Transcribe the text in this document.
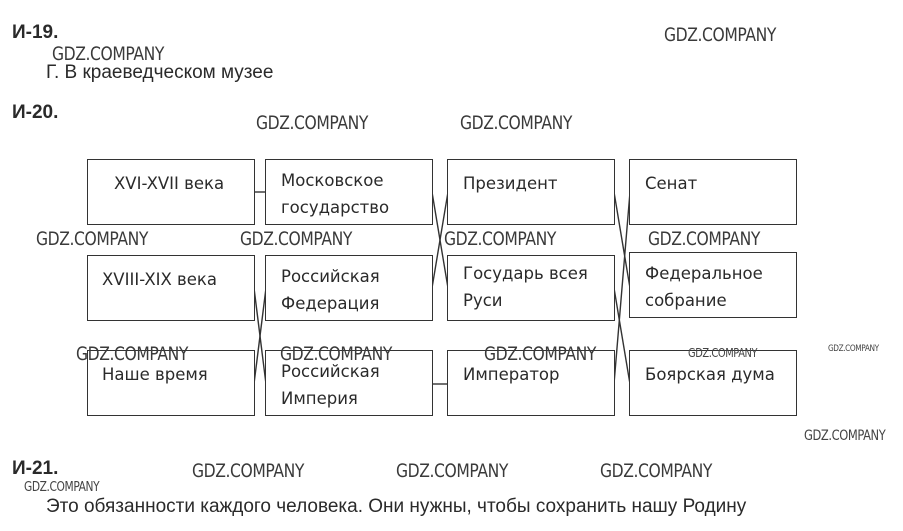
И-19.
Г. В краеведческом музее
И-20.
И-21.
Это обязанности каждого человека. Они нужны, чтобы сохранить нашу Родину
XVI-XVII века
XVIII-XIX века
Наше время
Московское
государство
Российская
Федерация
Российская
Империя
Президент
Государь всея
Руси
Император
Сенат
Федеральное
собрание
Боярская дума
GDZ.COMPANY
GDZ.COMPANY
GDZ.COMPANY	GDZ.COMPANY
GDZ.COMPANY	GDZ.COMPANY	GDZ.COMPANY	GDZ.COMPANY
GDZ.COMPANY	GDZ.COMPANY	GDZ.COMPANY	GDZ.COMPANY	GDZ.COMPANY
GDZ.COMPANY
GDZ.COMPANY	GDZ.COMPANY	GDZ.COMPANY
GDZ.COMPANY
